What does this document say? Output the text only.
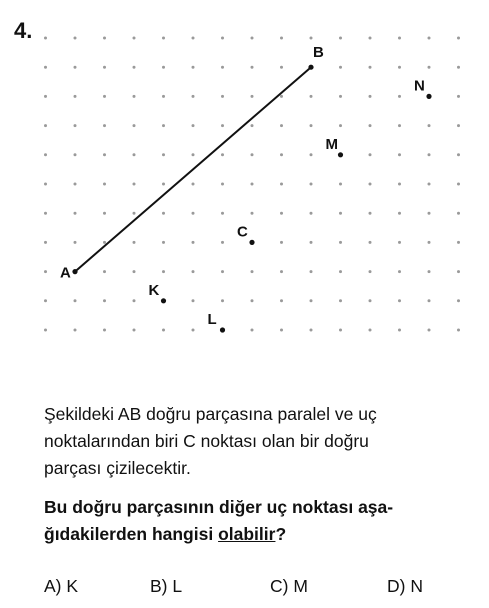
4.
A
B
C
K
L
M
N

Şekildeki AB doğru parçasına paralel ve uç

noktalarından biri C noktası olan bir doğru

parçası çizilecektir.

Bu doğru parçasının diğer uç noktası aşa-

ğıdakilerden hangisi olabilir?

A) K	B) L	C) M	D) N
